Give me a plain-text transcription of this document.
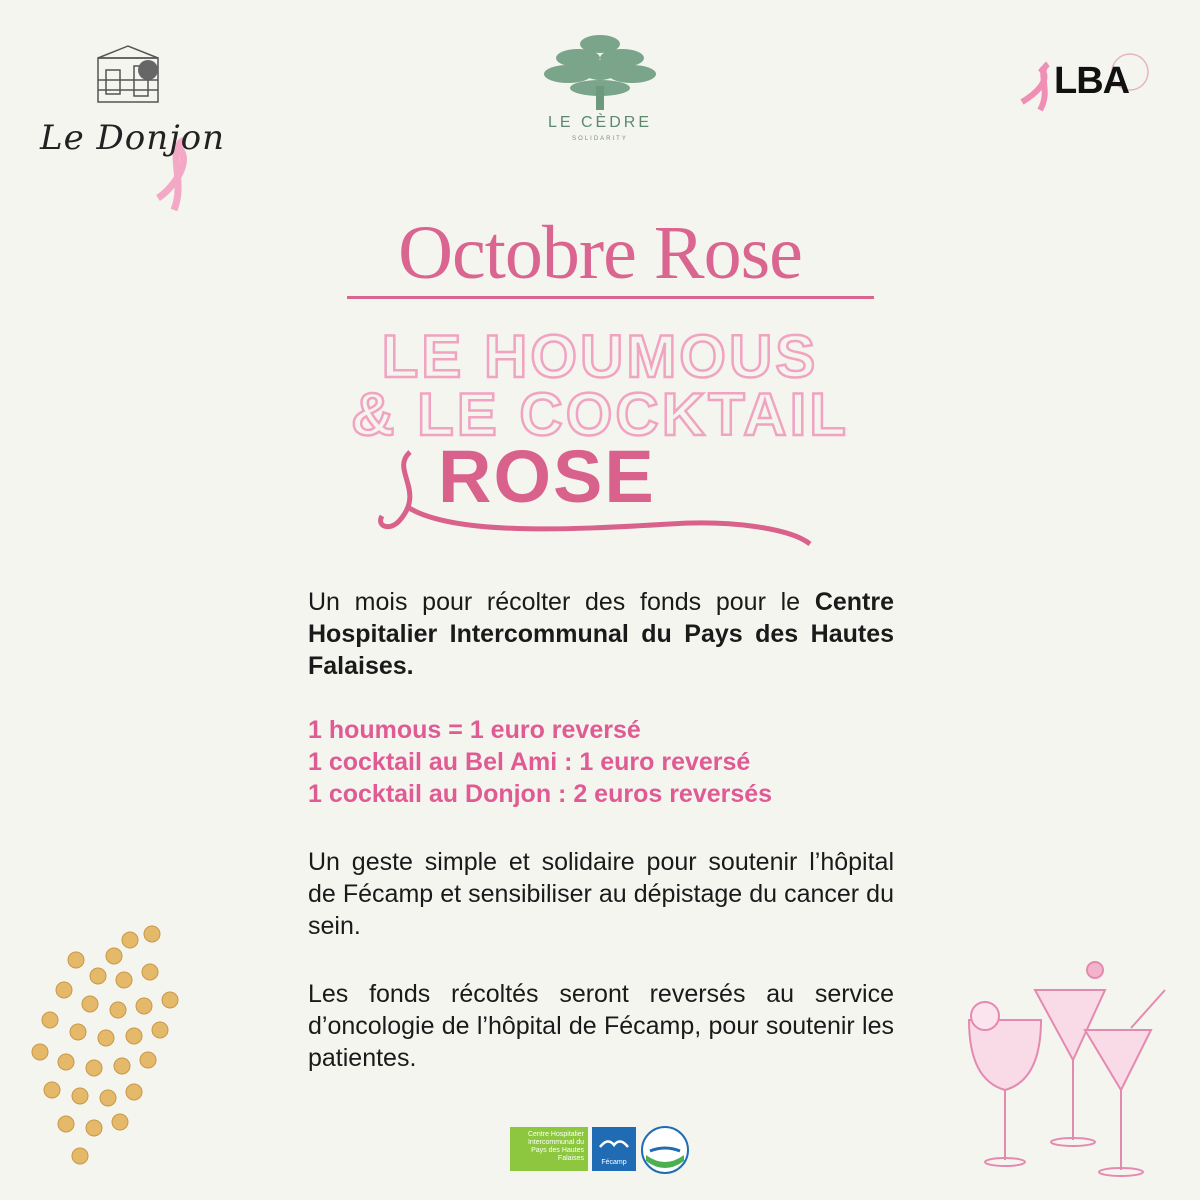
Le Donjon	LE CÈDRE
SOLIDARITY
LBA
Octobre Rose
LE HOUMOUS
& LE COCKTAIL
ROSE
Un mois pour récolter des fonds pour le Centre Hospitalier Intercommunal du Pays des Hautes Falaises.
1 houmous = 1 euro reversé
1 cocktail au Bel Ami : 1 euro reversé
1 cocktail au Donjon : 2 euros reversés
Un geste simple et solidaire pour soutenir l’hôpital de Fécamp et sensibiliser au dépistage du cancer du sein.
Les fonds récoltés seront reversés au service d’oncologie de l’hôpital de Fécamp, pour soutenir les patientes.
Centre Hospitalier Intercommunal du Pays des Hautes Falaises
Fécamp
